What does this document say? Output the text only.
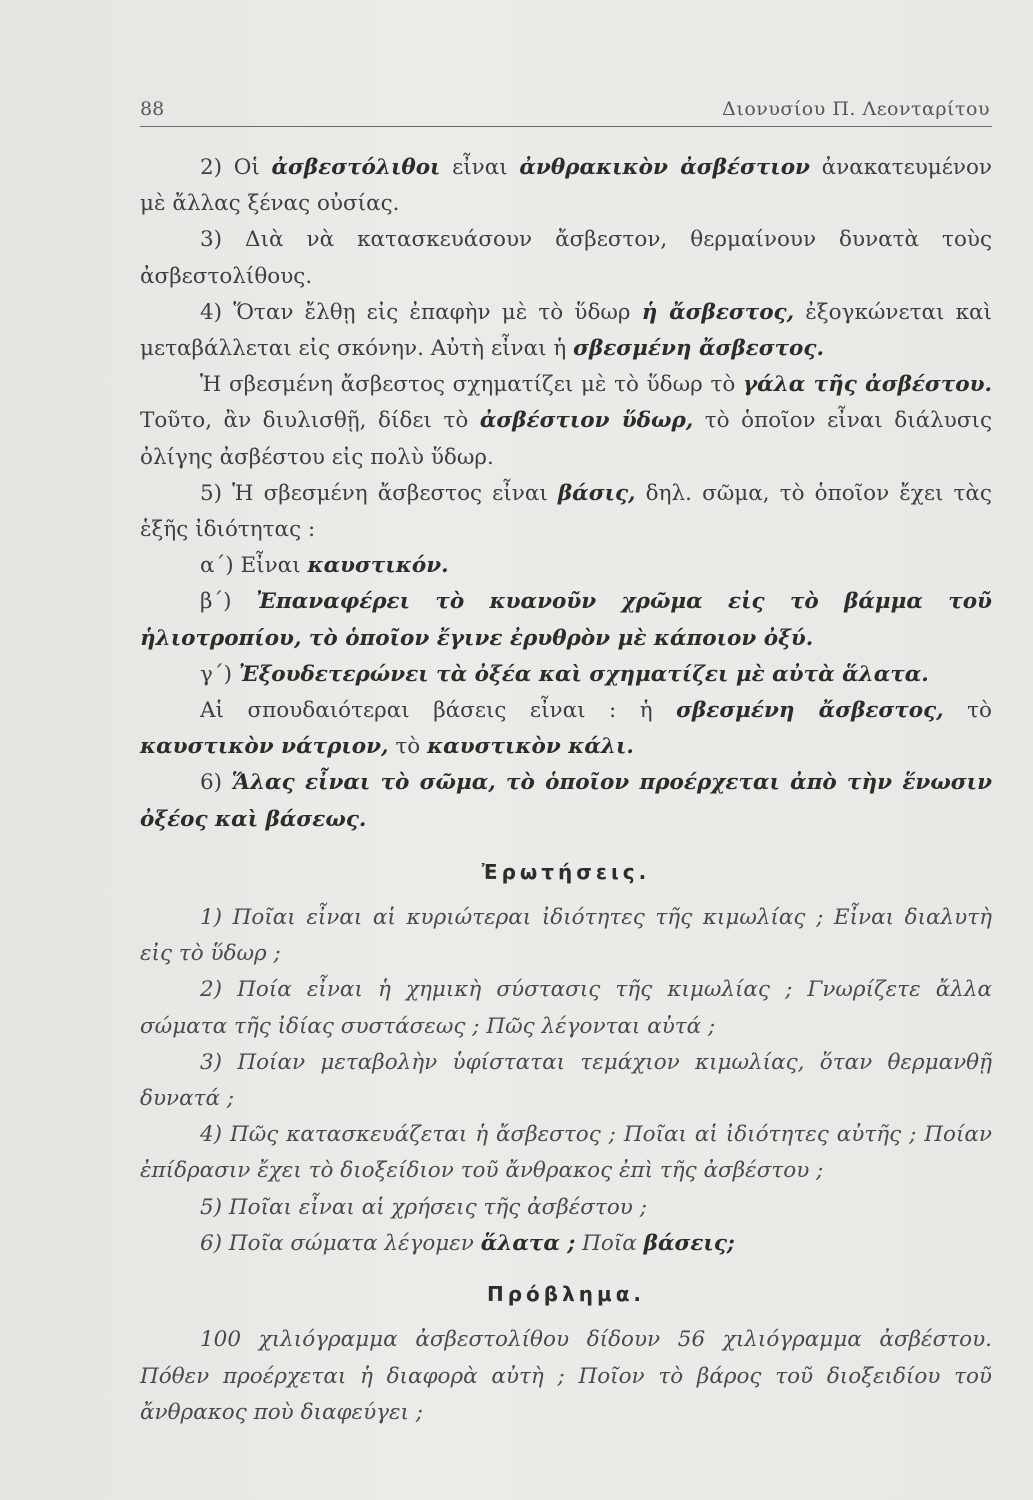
88	Διονυσίου Π. Λεονταρίτου

2) Οἱ ἀσβεστόλιθοι εἶναι ἀνθρακικὸν ἀσβέστιον ἀνακατευμένον μὲ ἄλλας ξένας οὐσίας.

3) Διὰ νὰ κατασκευάσουν ἄσβεστον, θερμαίνουν δυνατὰ τοὺς ἀσβεστολίθους.

4) Ὅταν ἔλθῃ εἰς ἐπαφὴν μὲ τὸ ὕδωρ ἡ ἄσβεστος, ἐξογκώνεται καὶ μεταβάλλεται εἰς σκόνην. Αὐτὴ εἶναι ἡ σβεσμένη ἄσβεστος.

Ἡ σβεσμένη ἄσβεστος σχηματίζει μὲ τὸ ὕδωρ τὸ γάλα τῆς ἀσβέστου. Τοῦτο, ἂν διυλισθῇ, δίδει τὸ ἀσβέστιον ὕδωρ, τὸ ὁποῖον εἶναι διάλυσις ὀλίγης ἀσβέστου εἰς πολὺ ὕδωρ.

5) Ἡ σβεσμένη ἄσβεστος εἶναι βάσις, δηλ. σῶμα, τὸ ὁποῖον ἔχει τὰς ἑξῆς ἰδιότητας :

α΄) Εἶναι καυστικόν.

β΄) Ἐπαναφέρει τὸ κυανοῦν χρῶμα εἰς τὸ βάμμα τοῦ ἡλιοτροπίου, τὸ ὁποῖον ἔγινε ἐρυθρὸν μὲ κάποιον ὀξύ.

γ΄) Ἐξουδετερώνει τὰ ὀξέα καὶ σχηματίζει μὲ αὐτὰ ἅλατα.

Αἱ σπουδαιότεραι βάσεις εἶναι : ἡ σβεσμένη ἄσβεστος, τὸ καυστικὸν νάτριον, τὸ καυστικὸν κάλι.

6) Ἅλας εἶναι τὸ σῶμα, τὸ ὁποῖον προέρχεται ἀπὸ τὴν ἕνωσιν ὀξέος καὶ βάσεως.

Ἐρωτήσεις.

1) Ποῖαι εἶναι αἱ κυριώτεραι ἰδιότητες τῆς κιμωλίας ; Εἶναι διαλυτὴ εἰς τὸ ὕδωρ ;

2) Ποία εἶναι ἡ χημικὴ σύστασις τῆς κιμωλίας ; Γνωρίζετε ἄλλα σώματα τῆς ἰδίας συστάσεως ; Πῶς λέγονται αὐτά ;

3) Ποίαν μεταβολὴν ὑφίσταται τεμάχιον κιμωλίας, ὅταν θερμανθῇ δυνατά ;

4) Πῶς κατασκευάζεται ἡ ἄσβεστος ; Ποῖαι αἱ ἰδιότητες αὐτῆς ; Ποίαν ἐπίδρασιν ἔχει τὸ διοξείδιον τοῦ ἄνθρακος ἐπὶ τῆς ἀσβέστου ;

5) Ποῖαι εἶναι αἱ χρήσεις τῆς ἀσβέστου ;

6) Ποῖα σώματα λέγομεν ἅλατα ; Ποῖα βάσεις;

Πρόβλημα.

100 χιλιόγραμμα ἀσβεστολίθου δίδουν 56 χιλιόγραμμα ἀσβέστου. Πόθεν προέρχεται ἡ διαφορὰ αὐτὴ ; Ποῖον τὸ βάρος τοῦ διοξειδίου τοῦ ἄνθρακος ποὺ διαφεύγει ;
